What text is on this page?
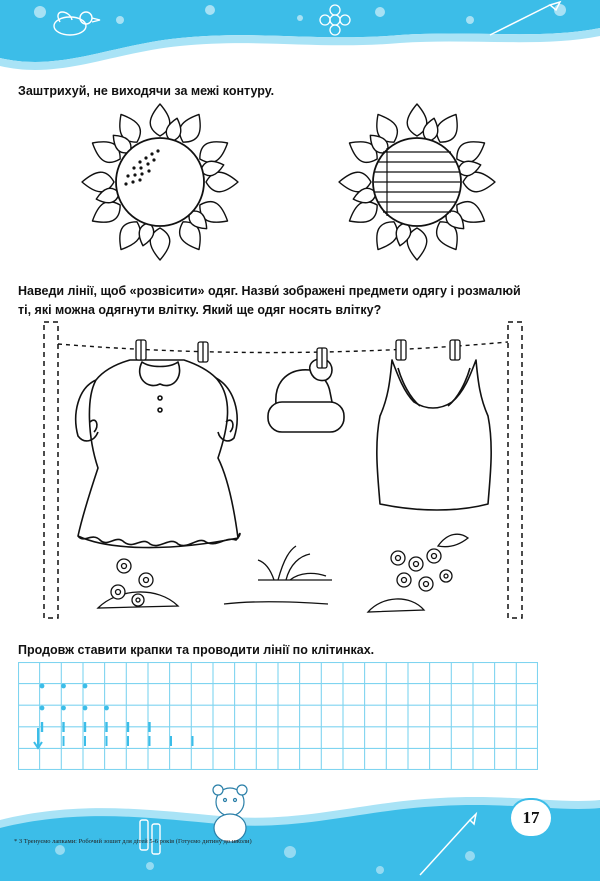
Заштрихуй, не виходячи за межі контуру.
Наведи лінії, щоб «розвісити» одяг. Назви́ зображені предмети одягу і розмалюй
ті, які можна одягнути влітку. Який ще одяг носять влітку?
Продовж ставити крапки та проводити лінії по клітинках.
17
* З Тренуємо лапками: Робочий зошит для дітей 5-6 років (Готуємо дитину до школи)
